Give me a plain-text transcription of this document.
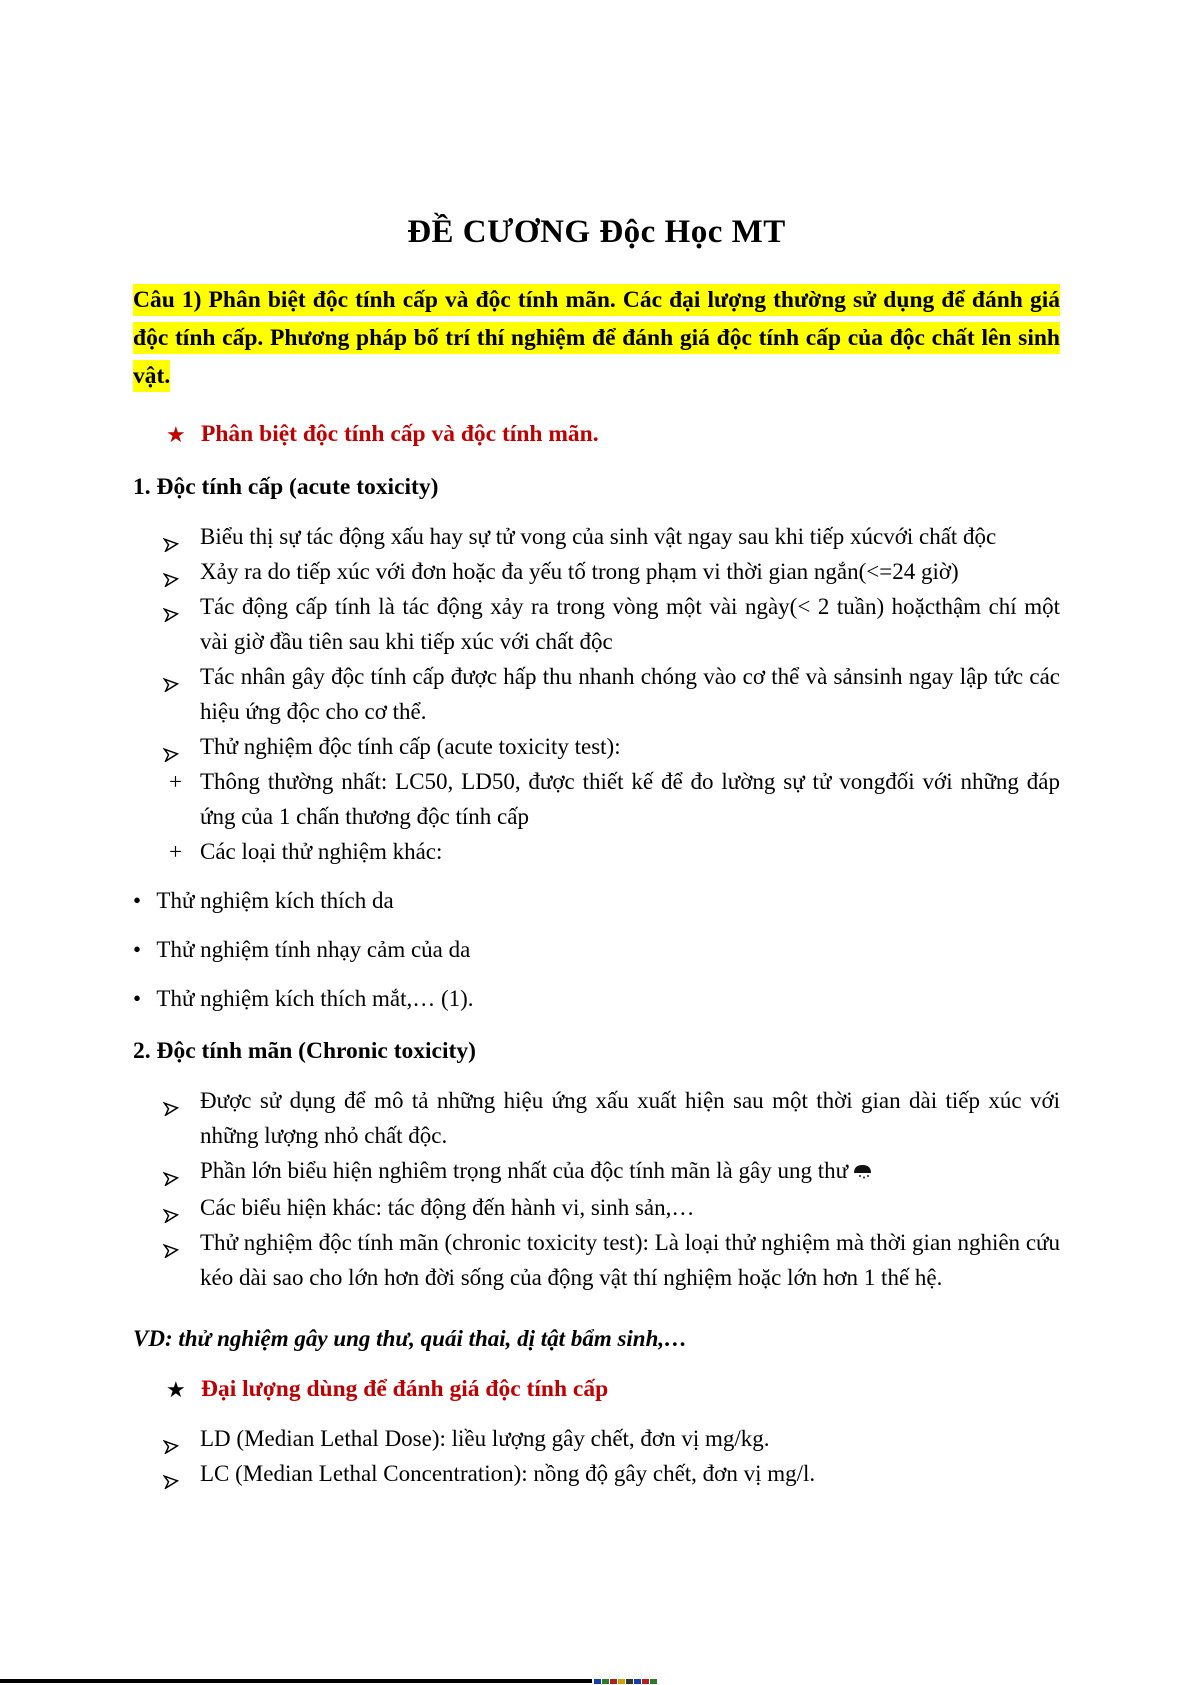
ĐỀ CƯƠNG Độc Học MT
Câu 1) Phân biệt độc tính cấp và độc tính mãn. Các đại lượng thường sử dụng để đánh giá độc tính cấp. Phương pháp bố trí thí nghiệm để đánh giá độc tính cấp của độc chất lên sinh vật.
★ Phân biệt độc tính cấp và độc tính mãn.
1. Độc tính cấp (acute toxicity)
Biểu thị sự tác động xấu hay sự tử vong của sinh vật ngay sau khi tiếp xúcvới chất độc
Xảy ra do tiếp xúc với đơn hoặc đa yếu tố trong phạm vi thời gian ngắn(<=24 giờ)
Tác động cấp tính là tác động xảy ra trong vòng một vài ngày(< 2 tuần) hoặcthậm chí một vài giờ đầu tiên sau khi tiếp xúc với chất độc
Tác nhân gây độc tính cấp được hấp thu nhanh chóng vào cơ thể và sảnsinh ngay lập tức các hiệu ứng độc cho cơ thể.
Thử nghiệm độc tính cấp (acute toxicity test):
+ Thông thường nhất: LC50, LD50, được thiết kế để đo lường sự tử vongđối với những đáp ứng của 1 chấn thương độc tính cấp
+ Các loại thử nghiệm khác:
• Thử nghiệm kích thích da
• Thử nghiệm tính nhạy cảm của da
• Thử nghiệm kích thích mắt,… (1).
2. Độc tính mãn (Chronic toxicity)
Được sử dụng để mô tả những hiệu ứng xấu xuất hiện sau một thời gian dài tiếp xúc với những lượng nhỏ chất độc.
Phần lớn biểu hiện nghiêm trọng nhất của độc tính mãn là gây ung thư
Các biểu hiện khác: tác động đến hành vi, sinh sản,…
Thử nghiệm độc tính mãn (chronic toxicity test): Là loại thử nghiệm mà thời gian nghiên cứu kéo dài sao cho lớn hơn đời sống của động vật thí nghiệm hoặc lớn hơn 1 thế hệ.
VD: thử nghiệm gây ung thư, quái thai, dị tật bẩm sinh,…
★ Đại lượng dùng để đánh giá độc tính cấp
LD (Median Lethal Dose): liều lượng gây chết, đơn vị mg/kg.
LC (Median Lethal Concentration): nồng độ gây chết, đơn vị mg/l.
